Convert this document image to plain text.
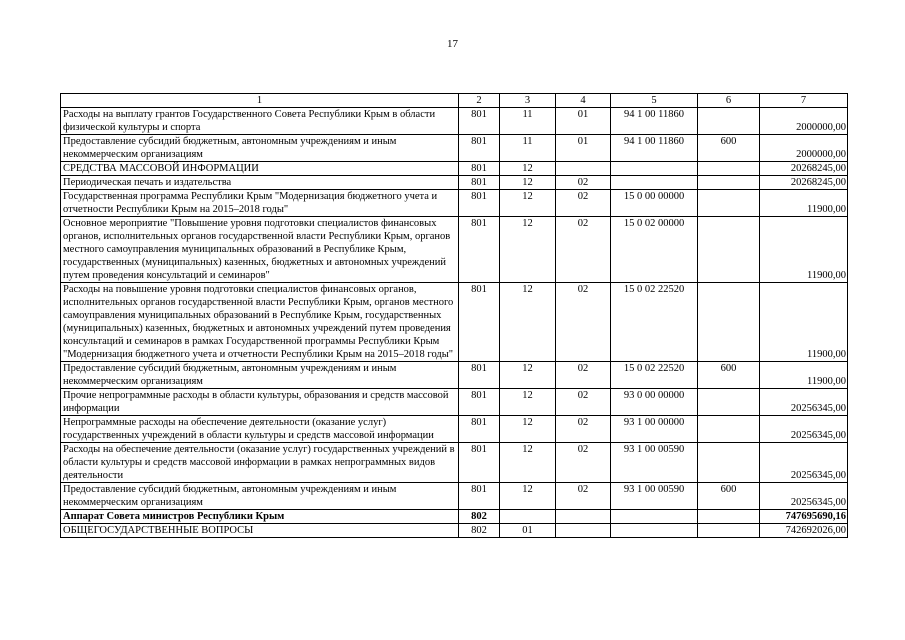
17
1	2	3	4	5	6	7
Расходы на выплату грантов Государственного Совета Республики Крым в области физической культуры и спорта	801	11	01	94 1 00 11860		2000000,00
Предоставление субсидий бюджетным, автономным учреждениям и иным некоммерческим организациям	801	11	01	94 1 00 11860	600	2000000,00
СРЕДСТВА МАССОВОЙ ИНФОРМАЦИИ	801	12				20268245,00
Периодическая печать и издательства	801	12	02			20268245,00
Государственная программа Республики Крым "Модернизация бюджетного учета и отчетности Республики Крым на 2015–2018 годы"	801	12	02	15 0 00 00000		11900,00
Основное мероприятие "Повышение уровня подготовки специалистов финансовых органов, исполнительных органов государственной власти Республики Крым, органов местного самоуправления муниципальных образований в Республике Крым, государственных (муниципальных) казенных, бюджетных и автономных учреждений путем проведения консультаций и семинаров"	801	12	02	15 0 02 00000		11900,00
Расходы на повышение уровня подготовки специалистов финансовых органов, исполнительных органов государственной власти Республики Крым, органов местного самоуправления муниципальных образований в Республике Крым, государственных (муниципальных) казенных, бюджетных и автономных учреждений путем проведения консультаций и семинаров в рамках Государственной программы Республики Крым "Модернизация бюджетного учета и отчетности Республики Крым на 2015–2018 годы"	801	12	02	15 0 02 22520		11900,00
Предоставление субсидий бюджетным, автономным учреждениям и иным некоммерческим организациям	801	12	02	15 0 02 22520	600	11900,00
Прочие непрограммные расходы в области культуры, образования и средств массовой информации	801	12	02	93 0 00 00000		20256345,00
Непрограммные расходы на обеспечение деятельности (оказание услуг) государственных учреждений в области культуры и средств массовой информации	801	12	02	93 1 00 00000		20256345,00
Расходы на обеспечение деятельности (оказание услуг) государственных учреждений в области культуры и средств массовой информации в рамках непрограммных видов деятельности	801	12	02	93 1 00 00590		20256345,00
Предоставление субсидий бюджетным, автономным учреждениям и иным некоммерческим организациям	801	12	02	93 1 00 00590	600	20256345,00
Аппарат Совета министров Республики Крым	802					747695690,16
ОБЩЕГОСУДАРСТВЕННЫЕ ВОПРОСЫ	802	01				742692026,00
